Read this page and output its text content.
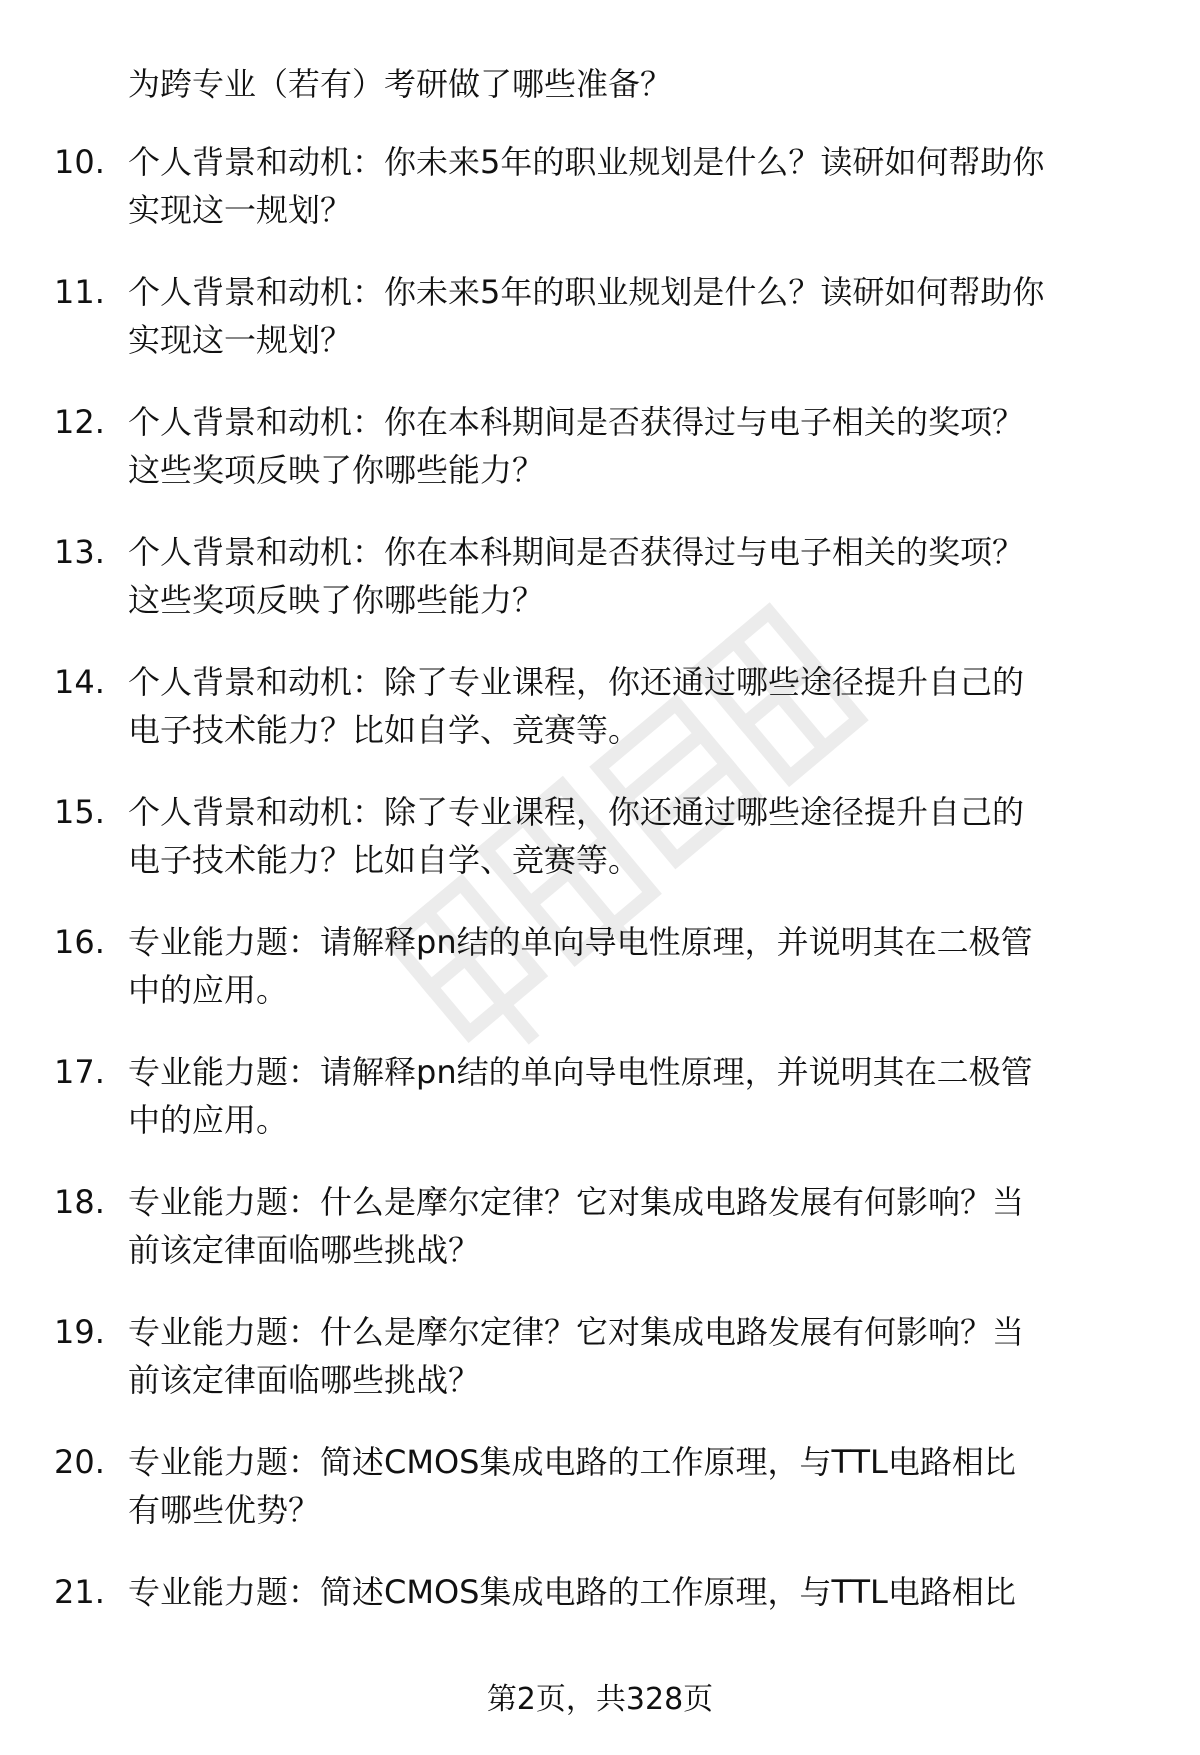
为跨专业（若有）考研做了哪些准备？
10. 个人背景和动机：你未来5年的职业规划是什么？读研如何帮助你
实现这一规划？
11. 个人背景和动机：你未来5年的职业规划是什么？读研如何帮助你
实现这一规划？
12. 个人背景和动机：你在本科期间是否获得过与电子相关的奖项？
这些奖项反映了你哪些能力？
13. 个人背景和动机：你在本科期间是否获得过与电子相关的奖项？
这些奖项反映了你哪些能力？
14. 个人背景和动机：除了专业课程，你还通过哪些途径提升自己的
电子技术能力？比如自学、竞赛等。
15. 个人背景和动机：除了专业课程，你还通过哪些途径提升自己的
电子技术能力？比如自学、竞赛等。
16. 专业能力题：请解释pn结的单向导电性原理，并说明其在二极管
中的应用。
17. 专业能力题：请解释pn结的单向导电性原理，并说明其在二极管
中的应用。
18. 专业能力题：什么是摩尔定律？它对集成电路发展有何影响？当
前该定律面临哪些挑战？
19. 专业能力题：什么是摩尔定律？它对集成电路发展有何影响？当
前该定律面临哪些挑战？
20. 专业能力题：简述CMOS集成电路的工作原理，与TTL电路相比
有哪些优势？
21. 专业能力题：简述CMOS集成电路的工作原理，与TTL电路相比
第2页，共328页
